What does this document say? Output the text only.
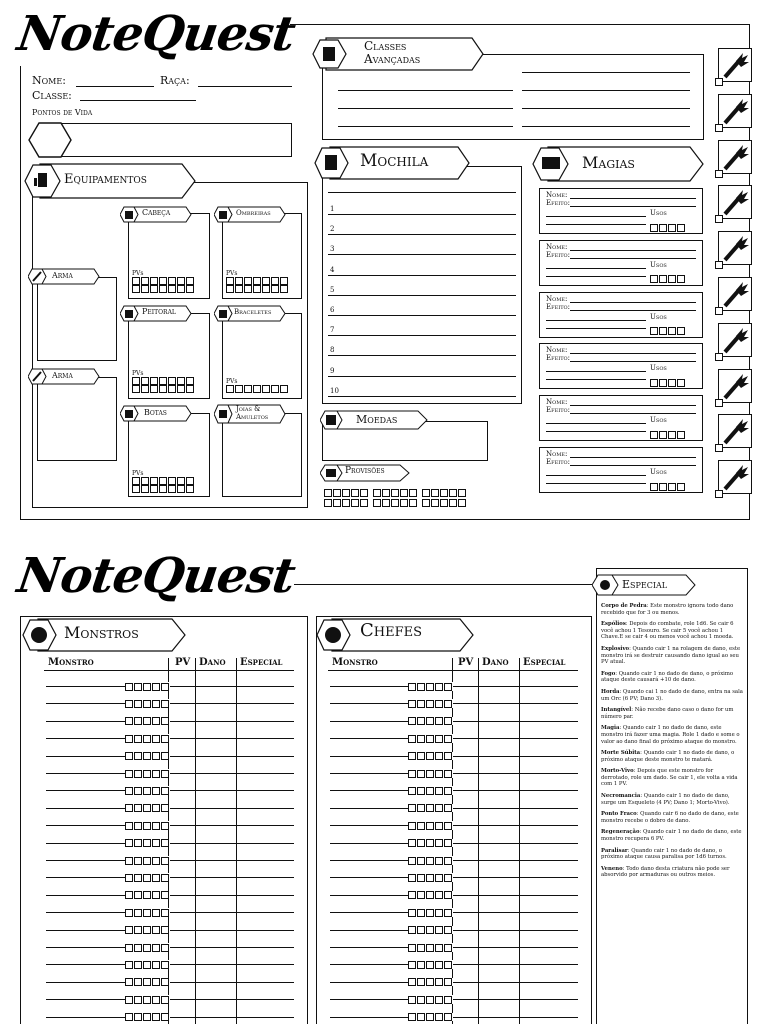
NoteQuest
Nome:	Raça:
Classe:
Pontos de Vida
Classes
Avançadas
Equipamentos
Cabeça	Ombreiras
Peitoral	Braceletes
Botas	Joias &
Amuletos
Arma
Arma
PVs	PVs
PVs
PVs
PVs
Mochila
1
2
3
4
5
6
7
8
9
10
Moedas
Provisões
Magias
Nome:
Efeito:
Usos
Nome:
Efeito:
Usos
Nome:
Efeito:
Usos
Nome:
Efeito:
Usos
Nome:
Efeito:
Usos
Nome:
Efeito:
Usos
NoteQuest
Monstros
Monstro	PV Dano Especial
Chefes
Monstro	PV Dano Especial
Especial
Corpo de Pedra: Este monstro ignora todo dano recebido que for 3 ou menos.
Espólios: Depois do combate, role 1d6. Se cair 6 você achou 1 Tesouro. Se cair 5 você achou 1 Chave.E se cair 4 ou menos você achou 1 moeda.
Explosivo: Quando cair 1 na rolagem de dano, este monstro irá se destruir causando dano igual ao seu PV atual.
Fogo: Quando cair 1 no dado de dano, o próximo ataque deste causará +10 de dano.
Horda: Quando cai 1 no dado de dano, entra na sala um Orc (6 PV; Dano 3).
Intangível: Não recebe dano caso o dano for um número par.
Magia: Quando cair 1 no dado de dano, este monstro irá fazer uma magia. Role 1 dado e some o valor ao dano final do próximo ataque do monstro.
Morte Súbita: Quando cair 1 no dado de dano, o próximo ataque deste monstro te matará.
Morto-Vivo: Depois que este monstro for derrotado, role um dado. Se cair 1, ele volta a vida com 1 PV.
Necromancia: Quando cair 1 no dado de dano, surge um Esqueleto (4 PV; Dano 1; Morto-Vivo).
Ponto Fraco: Quando cair 6 no dado de dano, este monstro recebe o dobro de dano.
Regeneração: Quando cair 1 no dado de dano, este monstro recupera 6 PV.
Paralisar: Quando cair 1 no dado de dano, o próximo ataque causa paralisa por 1d6 turnos.
Veneno: Todo dano desta criatura não pode ser absorvido por armaduras ou outros meios.
